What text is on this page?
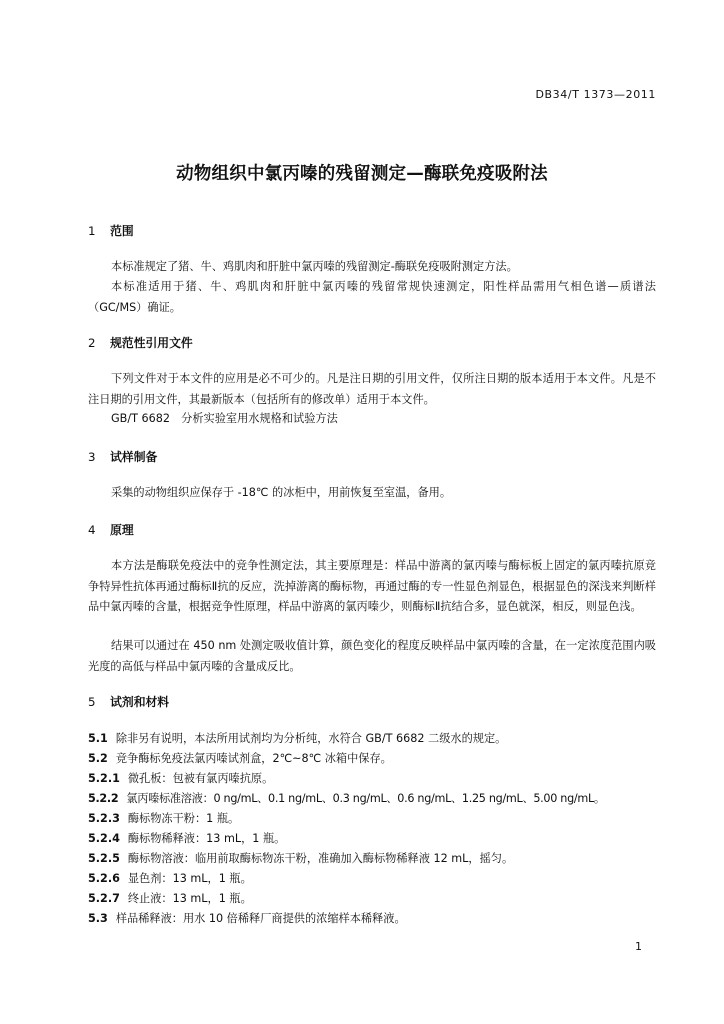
DB34/T 1373—2011
动物组织中氯丙嗪的残留测定—酶联免疫吸附法
1 范围
本标准规定了猪、牛、鸡肌肉和肝脏中氯丙嗪的残留测定-酶联免疫吸附测定方法。
本标准适用于猪、牛、鸡肌肉和肝脏中氯丙嗪的残留常规快速测定，阳性样品需用气相色谱—质谱法（GC/MS）确证。
2 规范性引用文件
下列文件对于本文件的应用是必不可少的。凡是注日期的引用文件，仅所注日期的版本适用于本文件。凡是不注日期的引用文件，其最新版本（包括所有的修改单）适用于本文件。
GB/T 6682　分析实验室用水规格和试验方法
3 试样制备
采集的动物组织应保存于 -18℃ 的冰柜中，用前恢复至室温，备用。
4 原理
本方法是酶联免疫法中的竞争性测定法，其主要原理是：样品中游离的氯丙嗪与酶标板上固定的氯丙嗪抗原竞争特异性抗体再通过酶标Ⅱ抗的反应，洗掉游离的酶标物，再通过酶的专一性显色剂显色，根据显色的深浅来判断样品中氯丙嗪的含量，根据竞争性原理，样品中游离的氯丙嗪少，则酶标Ⅱ抗结合多，显色就深，相反，则显色浅。
结果可以通过在 450 nm 处测定吸收值计算，颜色变化的程度反映样品中氯丙嗪的含量，在一定浓度范围内吸光度的高低与样品中氯丙嗪的含量成反比。
5 试剂和材料
5.1 除非另有说明，本法所用试剂均为分析纯，水符合 GB/T 6682 二级水的规定。
5.2 竞争酶标免疫法氯丙嗪试剂盒，2℃~8℃ 冰箱中保存。
5.2.1 微孔板：包被有氯丙嗪抗原。
5.2.2 氯丙嗪标准溶液：0 ng/mL、0.1 ng/mL、0.3 ng/mL、0.6 ng/mL、1.25 ng/mL、5.00 ng/mL。
5.2.3 酶标物冻干粉：1 瓶。
5.2.4 酶标物稀释液：13 mL，1 瓶。
5.2.5 酶标物溶液：临用前取酶标物冻干粉，准确加入酶标物稀释液 12 mL，摇匀。
5.2.6 显色剂：13 mL，1 瓶。
5.2.7 终止液：13 mL，1 瓶。
5.3 样品稀释液：用水 10 倍稀释厂商提供的浓缩样本稀释液。
1
